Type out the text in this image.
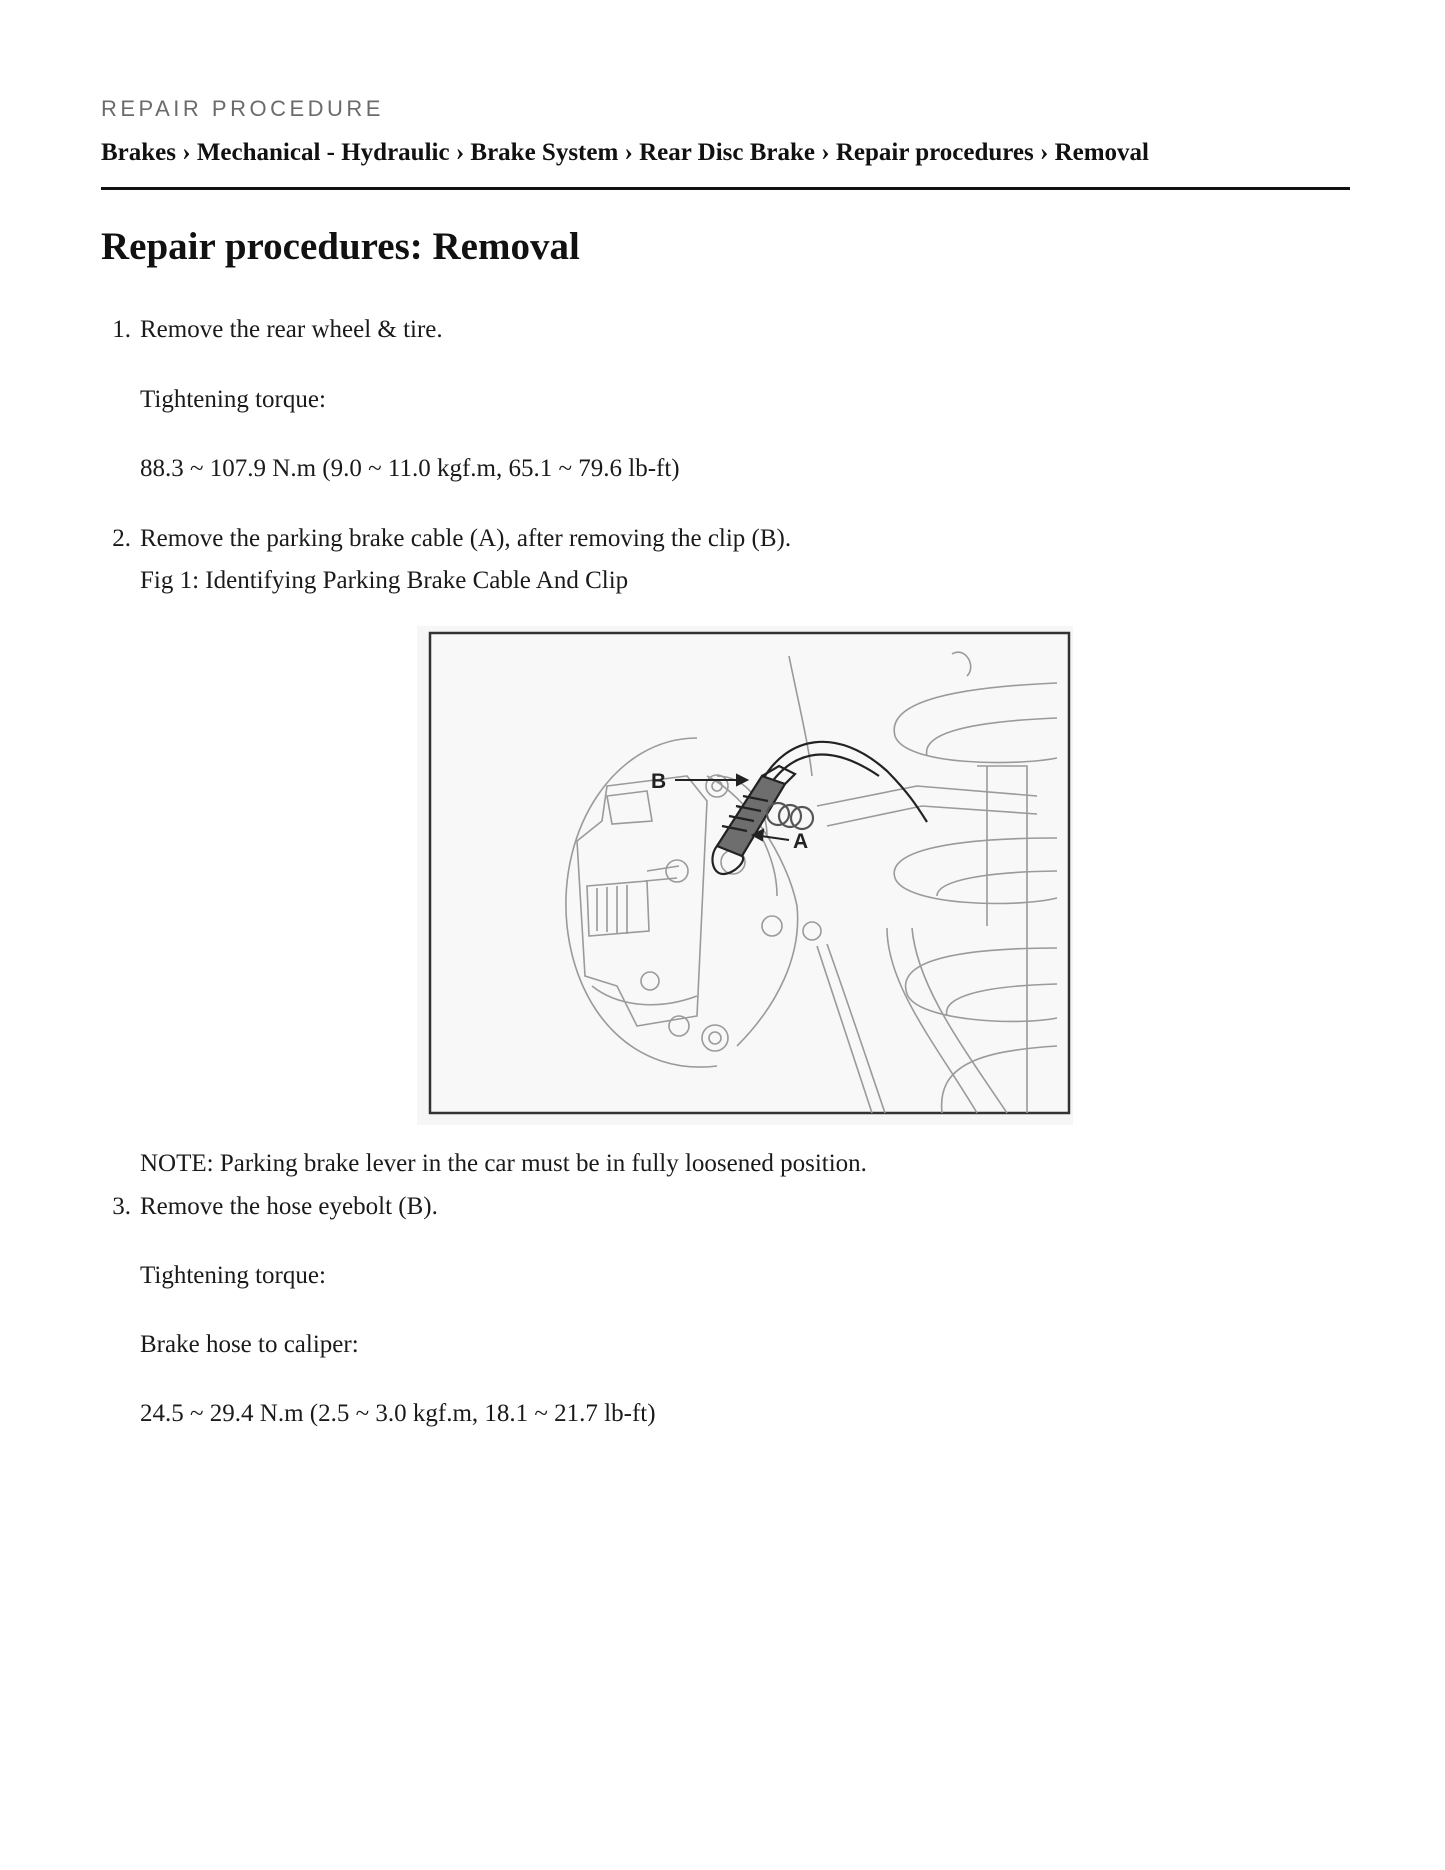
REPAIR PROCEDURE
Brakes › Mechanical - Hydraulic › Brake System › Rear Disc Brake › Repair procedures › Removal
Repair procedures: Removal
1. Remove the rear wheel & tire.
Tightening torque:
88.3 ~ 107.9 N.m (9.0 ~ 11.0 kgf.m, 65.1 ~ 79.6 lb-ft)
2. Remove the parking brake cable (A), after removing the clip (B).
Fig 1: Identifying Parking Brake Cable And Clip
B
A
NOTE: Parking brake lever in the car must be in fully loosened position.
3. Remove the hose eyebolt (B).
Tightening torque:
Brake hose to caliper:
24.5 ~ 29.4 N.m (2.5 ~ 3.0 kgf.m, 18.1 ~ 21.7 lb-ft)
